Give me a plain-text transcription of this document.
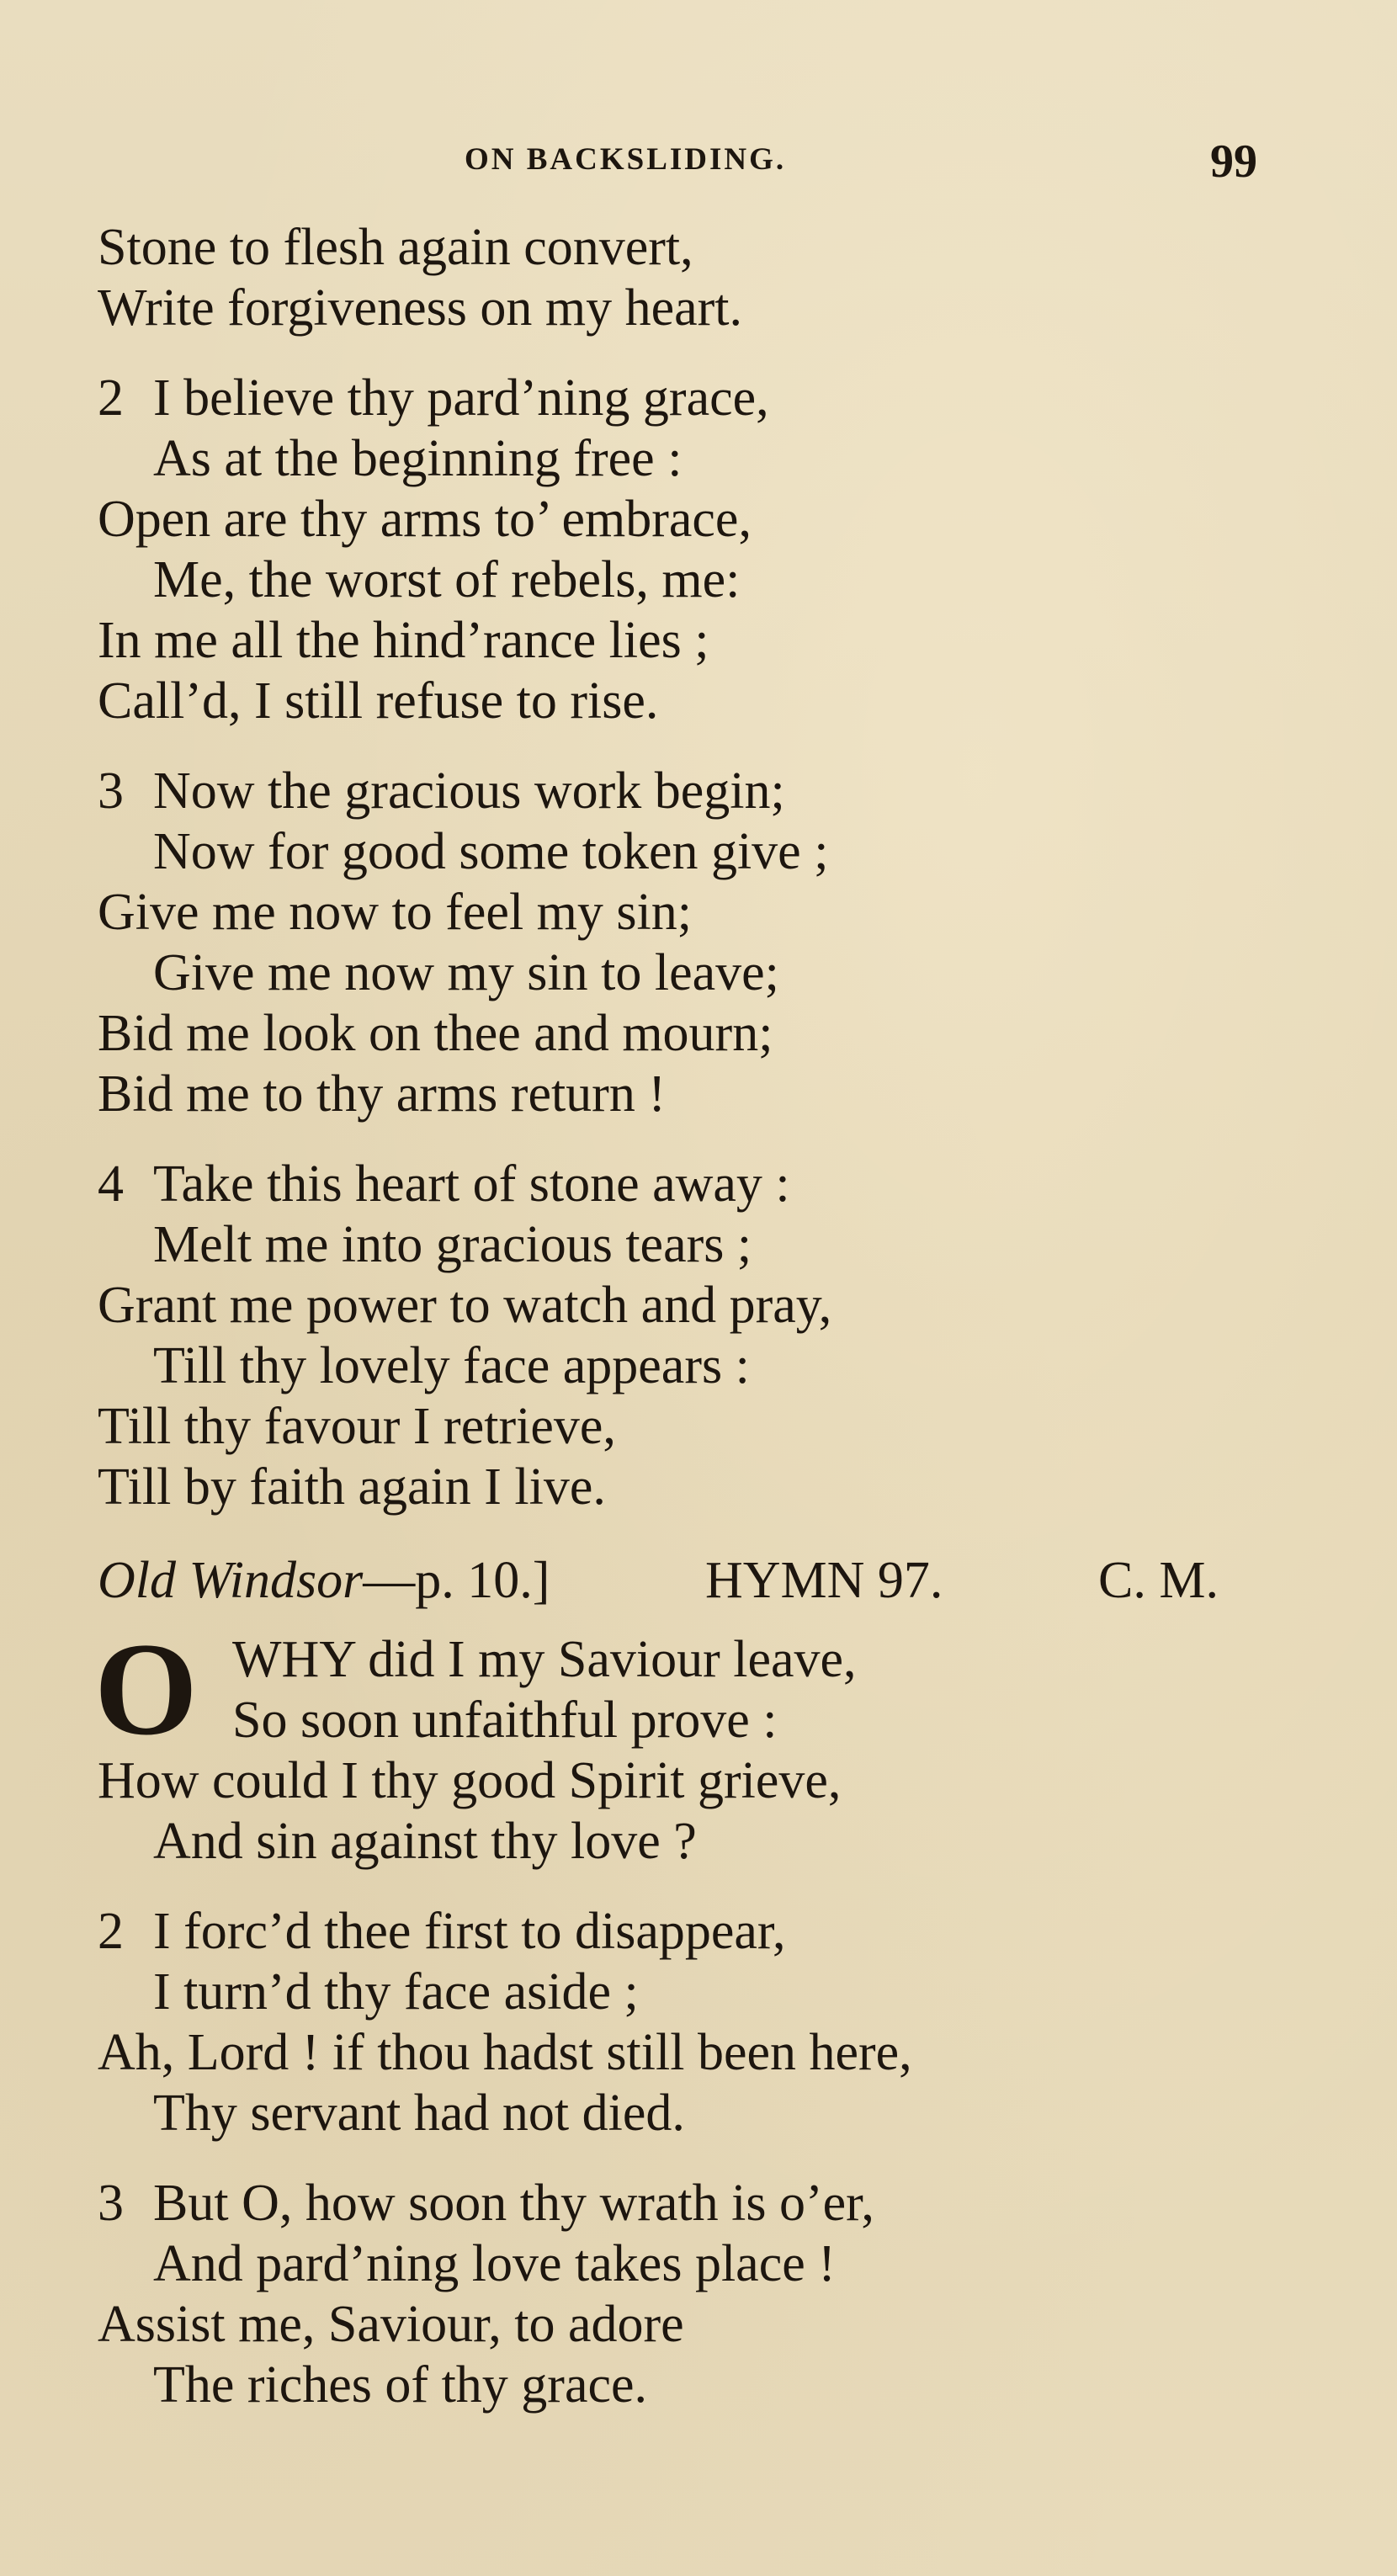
ON BACKSLIDING.	99
Stone to flesh again convert,
Write forgiveness on my heart.
2 I believe thy pard’ning grace,
As at the beginning free :
Open are thy arms to’ embrace,
Me, the worst of rebels, me:
In me all the hind’rance lies ;
Call’d, I still refuse to rise.
3 Now the gracious work begin;
Now for good some token give ;
Give me now to feel my sin;
Give me now my sin to leave;
Bid me look on thee and mourn;
Bid me to thy arms return !
4 Take this heart of stone away :
Melt me into gracious tears ;
Grant me power to watch and pray,
Till thy lovely face appears :
Till thy favour I retrieve,
Till by faith again I live.
Old Windsor—p. 10.]	HYMN 97.	C. M.
O WHY did I my Saviour leave,
So soon unfaithful prove :
How could I thy good Spirit grieve,
And sin against thy love ?
2 I forc’d thee first to disappear,
I turn’d thy face aside ;
Ah, Lord ! if thou hadst still been here,
Thy servant had not died.
3 But O, how soon thy wrath is o’er,
And pard’ning love takes place !
Assist me, Saviour, to adore
The riches of thy grace.
